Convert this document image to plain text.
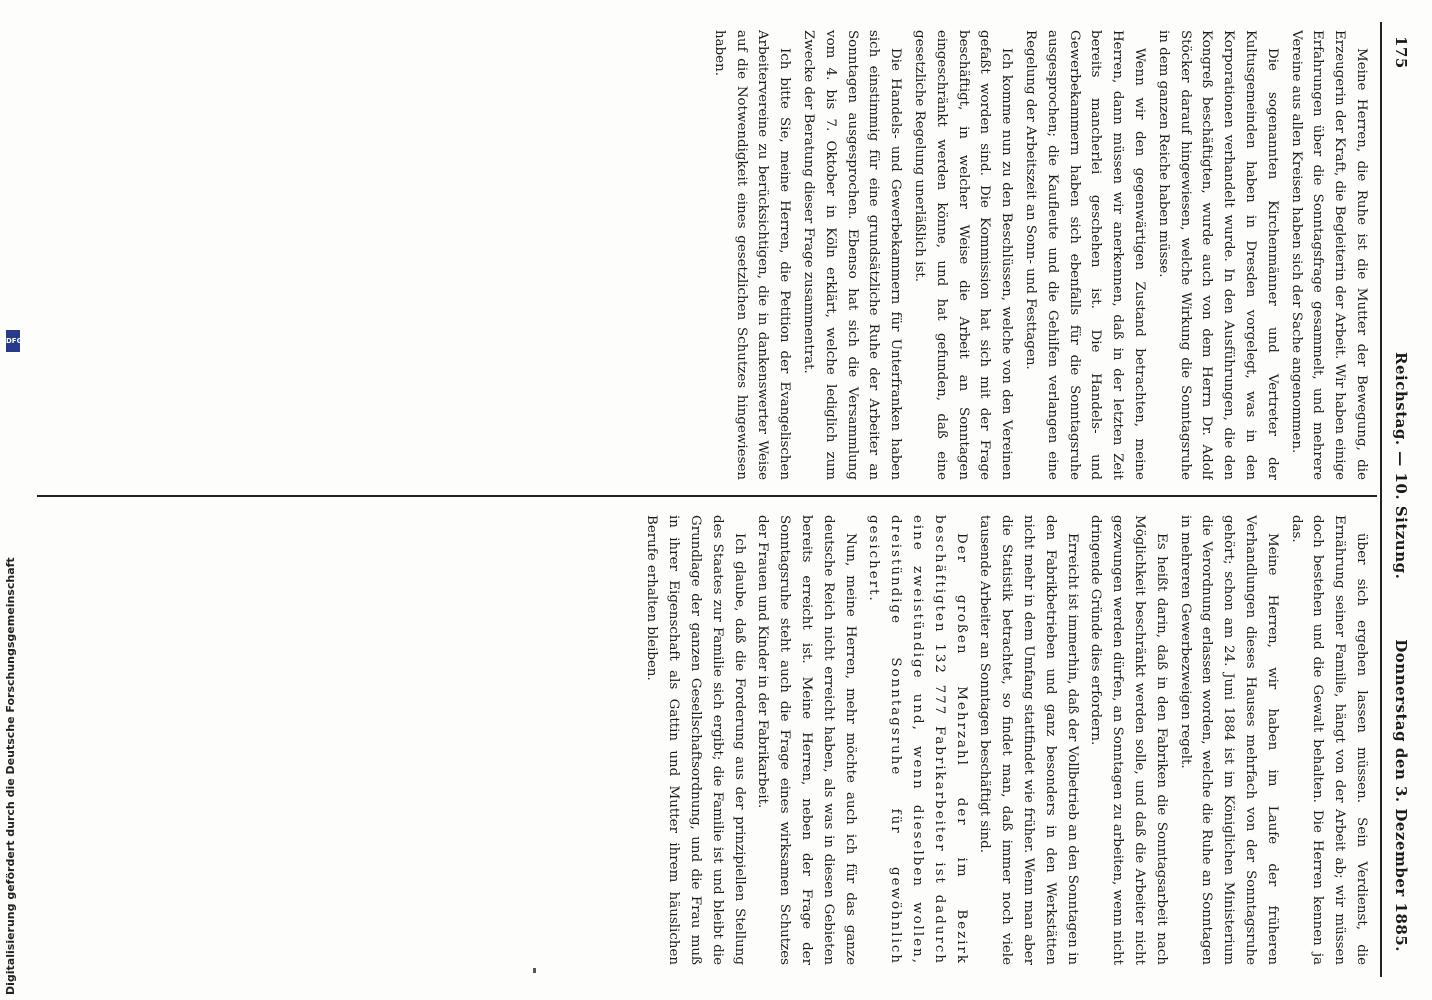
175
Reichstag. — 10. Sitzung.
Donnerstag den 3. Dezember 1885.

Meine Herren, die Ruhe ist die Mutter der Bewegung, die Erzeugerin der Kraft, die Begleiterin der Arbeit. Wir haben einige Erfahrungen über die Sonntagsfrage gesammelt, und mehrere Vereine aus allen Kreisen haben sich der Sache angenommen.

Die sogenannten Kirchenmänner und Vertreter der Kultusgemeinden haben in Dresden vorgelegt, was in den Korporationen verhandelt wurde. In den Ausführungen, die den Kongreß beschäftigten, wurde auch von dem Herrn Dr. Adolf Stöcker darauf hingewiesen, welche Wirkung die Sonntagsruhe in dem ganzen Reiche haben müsse.

Wenn wir den gegenwärtigen Zustand betrachten, meine Herren, dann müssen wir anerkennen, daß in der letzten Zeit bereits mancherlei geschehen ist. Die Handels- und Gewerbekammern haben sich ebenfalls für die Sonntagsruhe ausgesprochen; die Kaufleute und die Gehilfen verlangen eine Regelung der Arbeitszeit an Sonn- und Festtagen.

Ich komme nun zu den Beschlüssen, welche von den Vereinen gefaßt worden sind. Die Kommission hat sich mit der Frage beschäftigt, in welcher Weise die Arbeit an Sonntagen eingeschränkt werden könne, und hat gefunden, daß eine gesetzliche Regelung unerläßlich ist.

Die Handels- und Gewerbekammern für Unterfranken haben sich einstimmig für eine grundsätzliche Ruhe der Arbeiter an Sonntagen ausgesprochen. Ebenso hat sich die Versammlung vom 4. bis 7. Oktober in Köln erklärt, welche lediglich zum Zwecke der Beratung dieser Frage zusammentrat.

Ich bitte Sie, meine Herren, die Petition der Evangelischen Arbeitervereine zu berücksichtigen, die in dankenswerter Weise auf die Notwendigkeit eines gesetzlichen Schutzes hingewiesen haben.

über sich ergehen lassen müssen. Sein Verdienst, die Ernährung seiner Familie, hängt von der Arbeit ab; wir müssen doch bestehen und die Gewalt behalten. Die Herren kennen ja das.

Meine Herren, wir haben im Laufe der früheren Verhandlungen dieses Hauses mehrfach von der Sonntagsruhe gehört; schon am 24. Juni 1884 ist im Königlichen Ministerium die Verordnung erlassen worden, welche die Ruhe an Sonntagen in mehreren Gewerbezweigen regelt.

Es heißt darin, daß in den Fabriken die Sonntagsarbeit nach Möglichkeit beschränkt werden solle, und daß die Arbeiter nicht gezwungen werden dürfen, an Sonntagen zu arbeiten, wenn nicht dringende Gründe dies erfordern.

Erreicht ist immerhin, daß der Vollbetrieb an den Sonntagen in den Fabrikbetrieben und ganz besonders in den Werkstätten nicht mehr in dem Umfang stattfindet wie früher. Wenn man aber die Statistik betrachtet, so findet man, daß immer noch viele tausende Arbeiter an Sonntagen beschäftigt sind.

Der großen Mehrzahl der im Bezirk beschäftigten 132 777 Fabrikarbeiter ist dadurch eine zweistündige und, wenn dieselben wollen, dreistündige Sonntagsruhe für gewöhnlich gesichert.

Nun, meine Herren, mehr möchte auch ich für das ganze deutsche Reich nicht erreicht haben, als was in diesen Gebieten bereits erreicht ist. Meine Herren, neben der Frage der Sonntagsruhe steht auch die Frage eines wirksamen Schutzes der Frauen und Kinder in der Fabrikarbeit.

Ich glaube, daß die Forderung aus der prinzipiellen Stellung des Staates zur Familie sich ergibt; die Familie ist und bleibt die Grundlage der ganzen Gesellschaftsordnung, und die Frau muß in ihrer Eigenschaft als Gattin und Mutter ihrem häuslichen Berufe erhalten bleiben.

Digitalisierung gefördert durch die Deutsche Forschungsgemeinschaft
DFG
